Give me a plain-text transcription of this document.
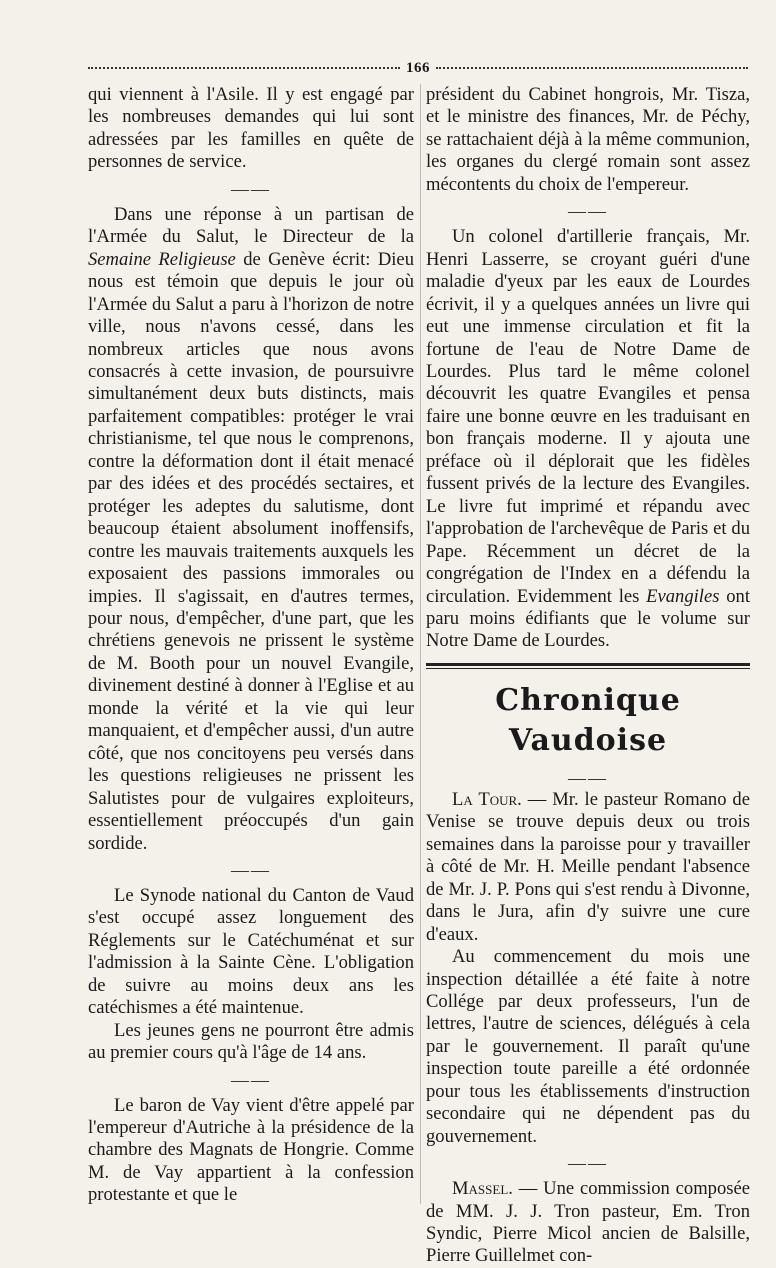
166

qui viennent à l'Asile. Il y est engagé par les nombreuses demandes qui lui sont adressées par les familles en quête de personnes de service.

——

Dans une réponse à un partisan de l'Armée du Salut, le Directeur de la Semaine Religieuse de Genève écrit: Dieu nous est témoin que depuis le jour où l'Armée du Salut a paru à l'horizon de notre ville, nous n'avons cessé, dans les nombreux articles que nous avons consacrés à cette invasion, de poursuivre simultanément deux buts distincts, mais parfaitement compatibles: protéger le vrai christianisme, tel que nous le comprenons, contre la déformation dont il était menacé par des idées et des procédés sectaires, et protéger les adeptes du salutisme, dont beaucoup étaient absolument inoffensifs, contre les mauvais traitements auxquels les exposaient des passions immorales ou impies. Il s'agissait, en d'autres termes, pour nous, d'empêcher, d'une part, que les chrétiens genevois ne prissent le système de M. Booth pour un nouvel Evangile, divinement destiné à donner à l'Eglise et au monde la vérité et la vie qui leur manquaient, et d'empêcher aussi, d'un autre côté, que nos concitoyens peu versés dans les questions religieuses ne prissent les Salutistes pour de vulgaires exploiteurs, essentiellement préoccupés d'un gain sordide.

——

Le Synode national du Canton de Vaud s'est occupé assez longuement des Réglements sur le Catéchuménat et sur l'admission à la Sainte Cène. L'obligation de suivre au moins deux ans les catéchismes a été maintenue.

Les jeunes gens ne pourront être admis au premier cours qu'à l'âge de 14 ans.

——

Le baron de Vay vient d'être appelé par l'empereur d'Autriche à la présidence de la chambre des Magnats de Hongrie. Comme M. de Vay appartient à la confession protestante et que le

président du Cabinet hongrois, Mr. Tisza, et le ministre des finances, Mr. de Péchy, se rattachaient déjà à la même communion, les organes du clergé romain sont assez mécontents du choix de l'empereur.

——

Un colonel d'artillerie français, Mr. Henri Lasserre, se croyant guéri d'une maladie d'yeux par les eaux de Lourdes écrivit, il y a quelques années un livre qui eut une immense circulation et fit la fortune de l'eau de Notre Dame de Lourdes. Plus tard le même colonel découvrit les quatre Evangiles et pensa faire une bonne œuvre en les traduisant en bon français moderne. Il y ajouta une préface où il déplorait que les fidèles fussent privés de la lecture des Evangiles. Le livre fut imprimé et répandu avec l'approbation de l'archevêque de Paris et du Pape. Récemment un décret de la congrégation de l'Index en a défendu la circulation. Evidemment les Evangiles ont paru moins édifiants que le volume sur Notre Dame de Lourdes.

Chronique Vaudoise
——

La Tour. — Mr. le pasteur Romano de Venise se trouve depuis deux ou trois semaines dans la paroisse pour y travailler à côté de Mr. H. Meille pendant l'absence de Mr. J. P. Pons qui s'est rendu à Divonne, dans le Jura, afin d'y suivre une cure d'eaux.

Au commencement du mois une inspection détaillée a été faite à notre Collége par deux professeurs, l'un de lettres, l'autre de sciences, délégués à cela par le gouvernement. Il paraît qu'une inspection toute pareille a été ordonnée pour tous les établissements d'instruction secondaire qui ne dépendent pas du gouvernement.

——

Massel. — Une commission composée de MM. J. J. Tron pasteur, Em. Tron Syndic, Pierre Micol ancien de Balsille, Pierre Guillelmet con-
